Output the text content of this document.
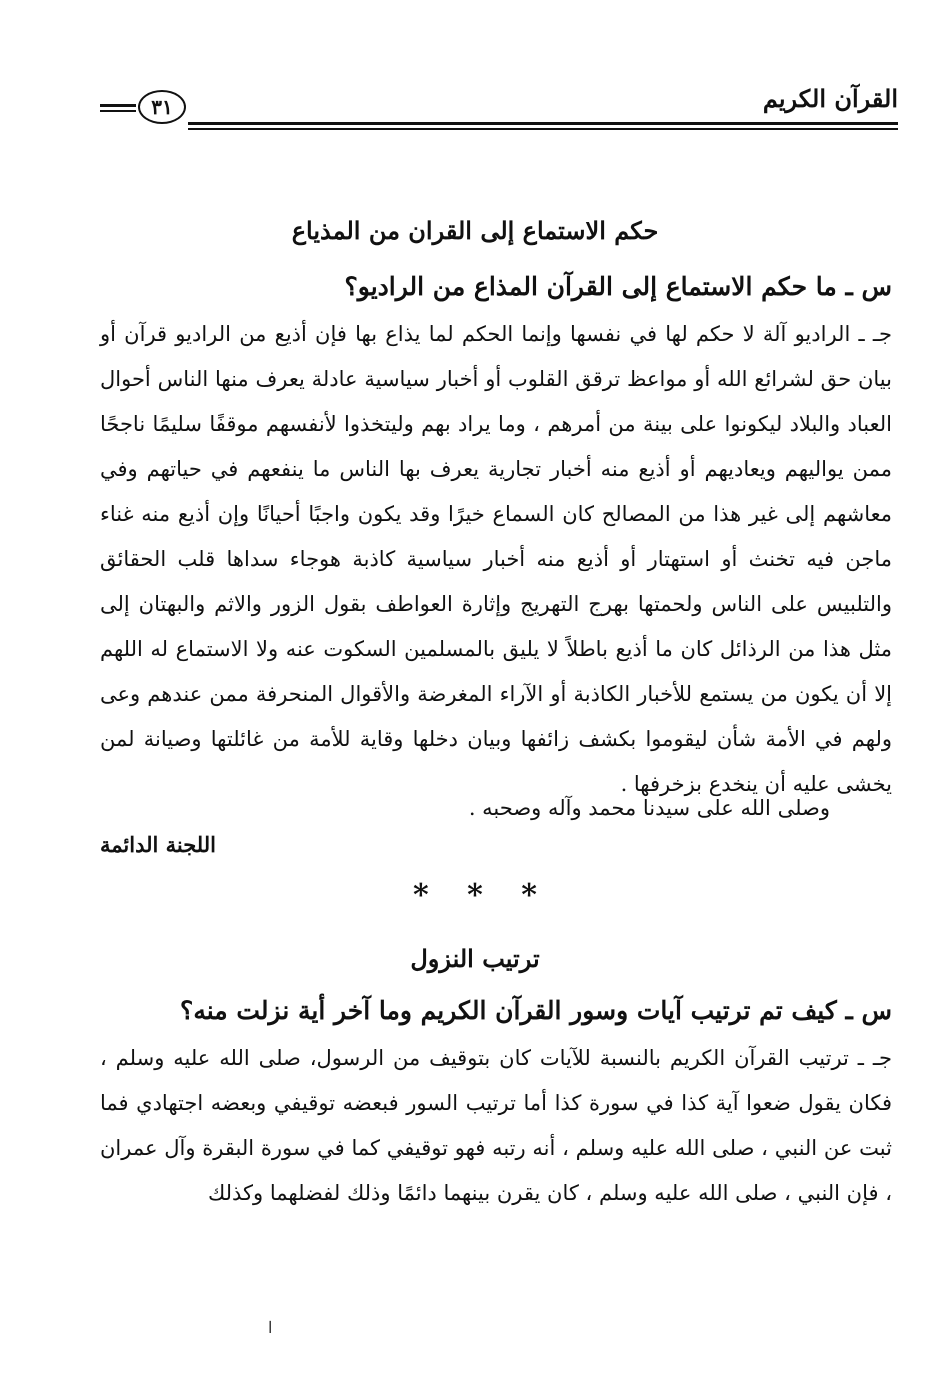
القرآن الكريم
٣١
حكم الاستماع إلى القران من المذياع
س ـ ما حكم الاستماع إلى القرآن المذاع من الراديو؟

جـ ـ الراديو آلة لا حكم لها في نفسها وإنما الحكم لما يذاع بها فإن أذيع من الراديو قرآن أو بيان حق لشرائع الله أو مواعظ ترقق القلوب أو أخبار سياسية عادلة يعرف منها الناس أحوال العباد والبلاد ليكونوا على بينة من أمرهم ، وما يراد بهم وليتخذوا لأنفسهم موقفًا سليمًا ناجحًا ممن يواليهم ويعاديهم أو أذيع منه أخبار تجارية يعرف بها الناس ما ينفعهم في حياتهم وفي معاشهم إلى غير هذا من المصالح كان السماع خيرًا وقد يكون واجبًا أحيانًا وإن أذيع منه غناء ماجن فيه تخنث أو استهتار أو أذيع منه أخبار سياسية كاذبة هوجاء سداها قلب الحقائق والتلبيس على الناس ولحمتها بهرج التهريج وإثارة العواطف بقول الزور والاثم والبهتان إلى مثل هذا من الرذائل كان ما أذيع باطلاً لا يليق بالمسلمين السكوت عنه ولا الاستماع له اللهم إلا أن يكون من يستمع للأخبار الكاذبة أو الآراء المغرضة والأقوال المنحرفة ممن عندهم وعى ولهم في الأمة شأن ليقوموا بكشف زائفها وبيان دخلها وقاية للأمة من غائلتها وصيانة لمن يخشى عليه أن ينخدع بزخرفها .

وصلى الله على سيدنا محمد وآله وصحبه .
اللجنة الدائمة
* * *
ترتيب النزول
س ـ كيف تم ترتيب آيات وسور القرآن الكريم وما آخر أية نزلت منه؟

جـ ـ ترتيب القرآن الكريم بالنسبة للآيات كان بتوقيف من الرسول، صلى الله عليه وسلم ، فكان يقول ضعوا آية كذا في سورة كذا أما ترتيب السور فبعضه توقيفي وبعضه اجتهادي فما ثبت عن النبي ، صلى الله عليه وسلم ، أنه رتبه فهو توقيفي كما في سورة البقرة وآل عمران ، فإن النبي ، صلى الله عليه وسلم ، كان يقرن بينهما دائمًا وذلك لفضلهما وكذلك

ا
